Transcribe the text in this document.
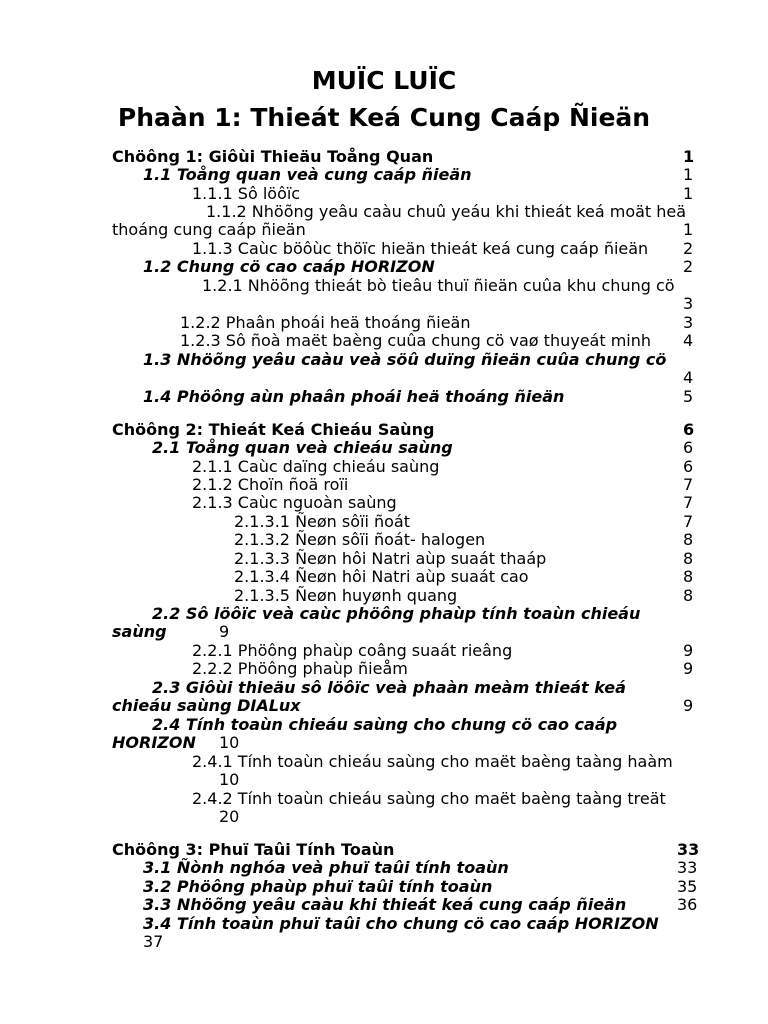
MUÏC LUÏC
Phaàn 1: Thieát Keá Cung Caáp Ñieän
Chöông 1: Giôùi Thieäu Toång Quan	1
1.1 Toång quan veà cung caáp ñieän	1
1.1.1 Sô löôïc	1
1.1.2 Nhöõng yeâu caàu chuû yeáu khi thieát keá moät heä
thoáng cung caáp ñieän	1
1.1.3 Caùc böôùc thöïc hieän thieát keá cung caáp ñieän 2
1.2 Chung cö cao caáp HORIZON	2
1.2.1 Nhöõng thieát bò tieâu thuï ñieän cuûa khu chung cö
3
1.2.2 Phaân phoái heä thoáng ñieän	3
1.2.3 Sô ñoà maët baèng cuûa chung cö vaø thuyeát minh 4
1.3 Nhöõng yeâu caàu veà söû duïng ñieän cuûa chung cö
4
1.4 Phöông aùn phaân phoái heä thoáng ñieän	5
Chöông 2: Thieát Keá Chieáu Saùng	6
2.1 Toång quan veà chieáu saùng	6
2.1.1 Caùc daïng chieáu saùng	6
2.1.2 Choïn ñoä roïi	7
2.1.3 Caùc nguoàn saùng	7
2.1.3.1 Ñeøn sôïi ñoát	7
2.1.3.2 Ñeøn sôïi ñoát- halogen	8
2.1.3.3 Ñeøn hôi Natri aùp suaát thaáp	8
2.1.3.4 Ñeøn hôi Natri aùp suaát cao	8
2.1.3.5 Ñeøn huyønh quang	8
2.2 Sô löôïc veà caùc phöông phaùp tính toaùn chieáu
saùng	9
2.2.1 Phöông phaùp coâng suaát rieâng	9
2.2.2 Phöông phaùp ñieåm	9
2.3 Giôùi thieäu sô löôïc veà phaàn meàm thieát keá
chieáu saùng DIALux	9
2.4 Tính toaùn chieáu saùng cho chung cö cao caáp
HORIZON 10
2.4.1 Tính toaùn chieáu saùng cho maët baèng taàng haàm
10
2.4.2 Tính toaùn chieáu saùng cho maët baèng taàng treät
20
Chöông 3: Phuï Taûi Tính Toaùn	33
3.1 Ñònh nghóa veà phuï taûi tính toaùn	33
3.2 Phöông phaùp phuï taûi tính toaùn	35
3.3 Nhöõng yeâu caàu khi thieát keá cung caáp ñieän	36
3.4 Tính toaùn phuï taûi cho chung cö cao caáp HORIZON
37
